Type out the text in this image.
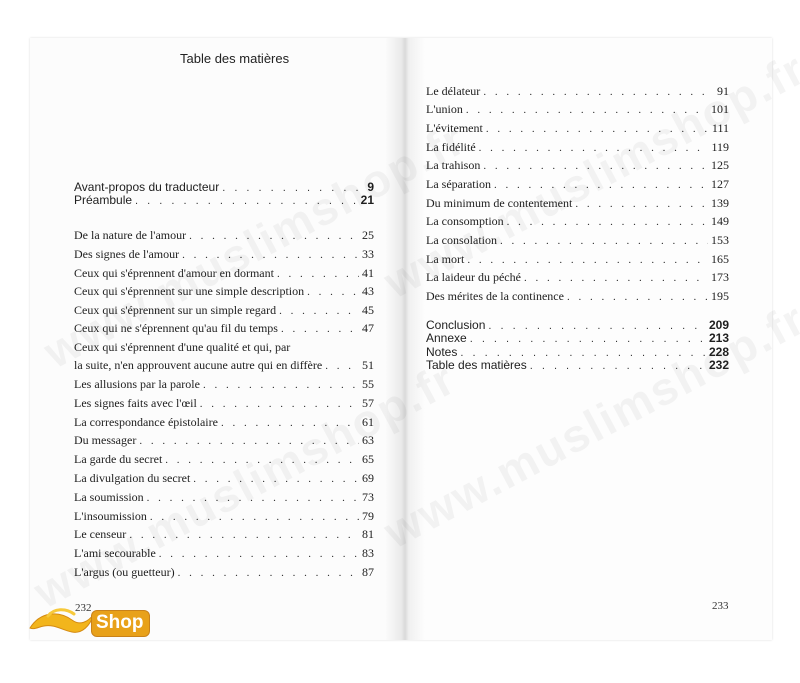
Table des matières
Avant-propos du traducteur . . .	9
Préambule . . .	21
De la nature de l'amour . . .	25
Des signes de l'amour . . .	33
Ceux qui s'éprennent d'amour en dormant . . .	41
Ceux qui s'éprennent sur une simple description . . .	43
Ceux qui s'éprennent sur un simple regard . . .	45
Ceux qui ne s'éprennent qu'au fil du temps . . .	47
Ceux qui s'éprennent d'une qualité et qui, par
la suite, n'en approuvent aucune autre qui en diffère . . .	51
Les allusions par la parole . . .	55
Les signes faits avec l'œil . . .	57
La correspondance épistolaire . . .	61
Du messager . . .	63
La garde du secret . . .	65
La divulgation du secret . . .	69
La soumission . . .	73
L'insoumission . . .	79
Le censeur . . .	81
L'ami secourable . . .	83
L'argus (ou guetteur) . . .	87
232
Le délateur . . .	91
L'union . . .	101
L'évitement . . .	111
La fidélité . . .	119
La trahison . . .	125
La séparation . . .	127
Du minimum de contentement . . .	139
La consomption . . .	149
La consolation . . .	153
La mort . . .	165
La laideur du péché . . .	173
Des mérites de la continence . . .	195
Conclusion . . .	209
Annexe . . .	213
Notes . . .	228
Table des matières . . .	232
233
Shop
